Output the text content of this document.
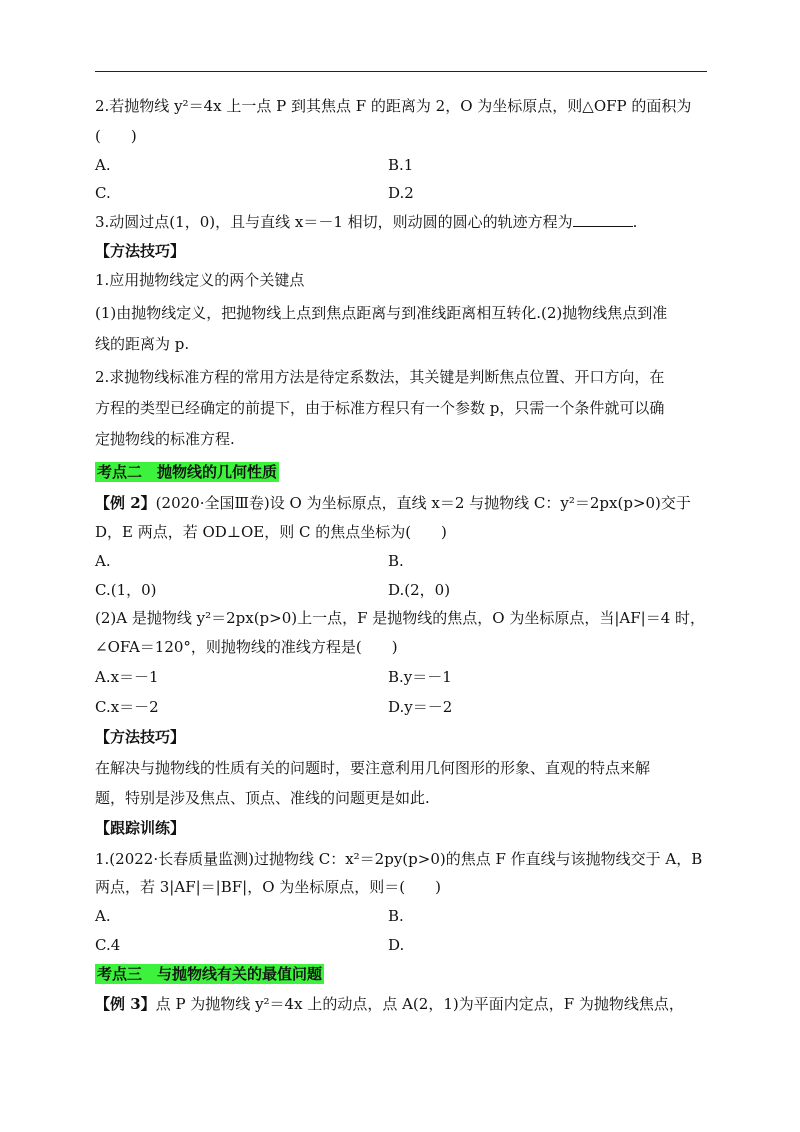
2.若抛物线 y²＝4x 上一点 P 到其焦点 F 的距离为 2，O 为坐标原点，则△OFP 的面积为
(　　)
A.	B.1
C.	D.2
3.动圆过点(1，0)，且与直线 x＝－1 相切，则动圆的圆心的轨迹方程为	.
【方法技巧】
1.应用抛物线定义的两个关键点
(1)由抛物线定义，把抛物线上点到焦点距离与到准线距离相互转化.(2)抛物线焦点到准
线的距离为 p.
2.求抛物线标准方程的常用方法是待定系数法，其关键是判断焦点位置、开口方向，在
方程的类型已经确定的前提下，由于标准方程只有一个参数 p，只需一个条件就可以确
定抛物线的标准方程.
考点二　抛物线的几何性质
【例 2】(2020·全国Ⅲ卷)设 O 为坐标原点，直线 x＝2 与抛物线 C：y²＝2px(p>0)交于
D，E 两点，若 OD⊥OE，则 C 的焦点坐标为(　　)
A.	B.
C.(1，0)	D.(2，0)
(2)A 是抛物线 y²＝2px(p>0)上一点，F 是抛物线的焦点，O 为坐标原点，当|AF|＝4 时，
∠OFA＝120°，则抛物线的准线方程是(　　)
A.x＝－1	B.y＝－1
C.x＝－2	D.y＝－2
【方法技巧】
在解决与抛物线的性质有关的问题时，要注意利用几何图形的形象、直观的特点来解
题，特别是涉及焦点、顶点、准线的问题更是如此.
【跟踪训练】
1.(2022·长春质量监测)过抛物线 C：x²＝2py(p>0)的焦点 F 作直线与该抛物线交于 A，B
两点，若 3|AF|＝|BF|，O 为坐标原点，则＝(　　)
A.	B.
C.4	D.
考点三　与抛物线有关的最值问题
【例 3】点 P 为抛物线 y²＝4x 上的动点，点 A(2，1)为平面内定点，F 为抛物线焦点，
